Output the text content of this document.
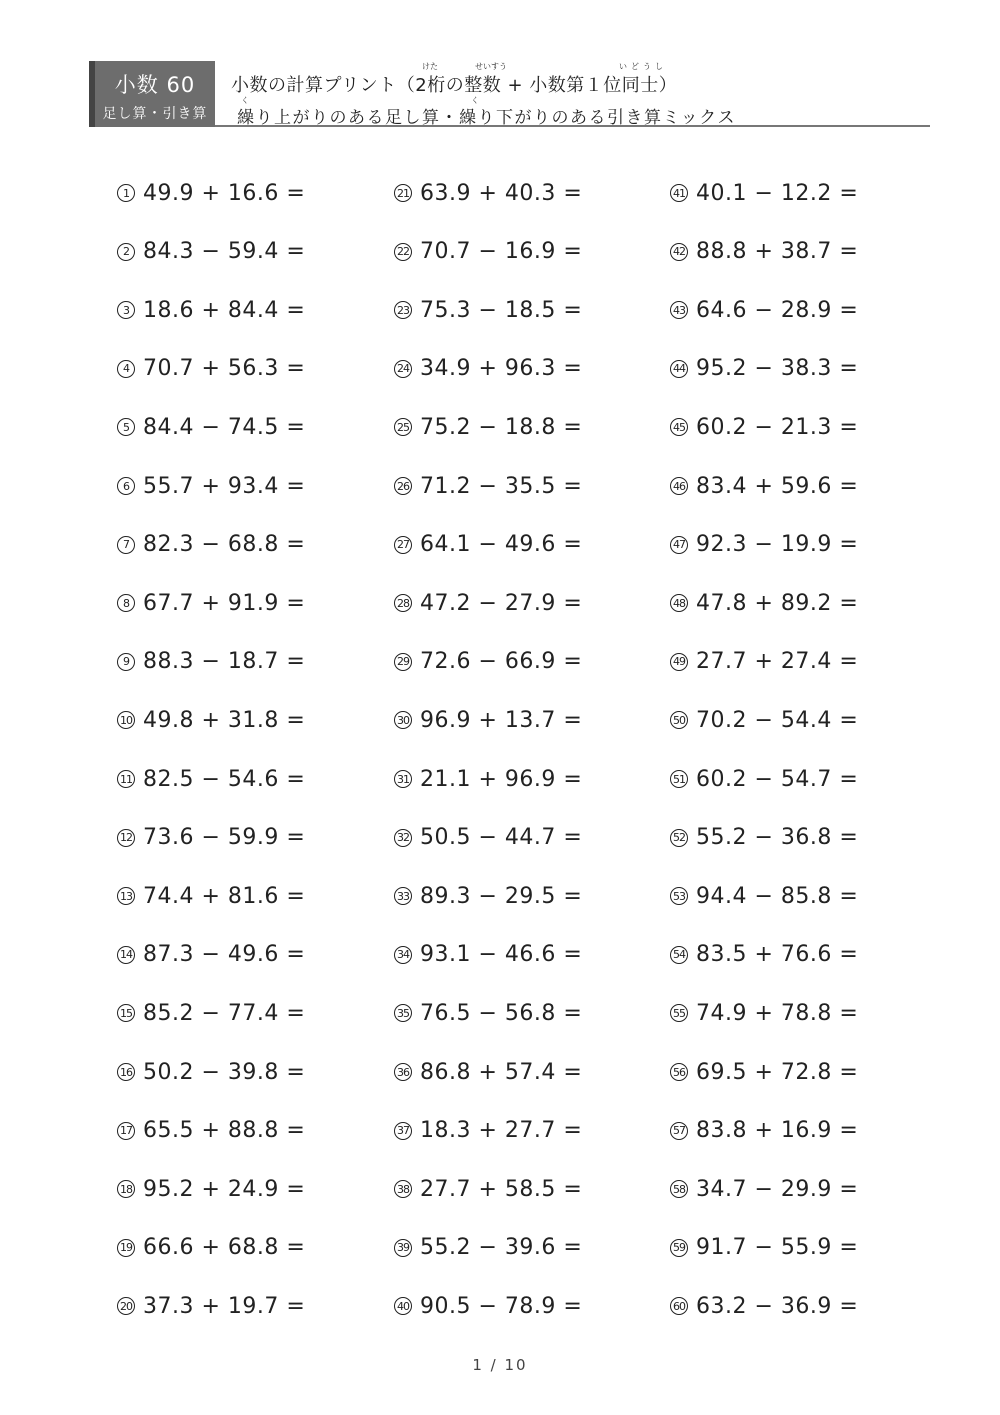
小数 60
足し算・引き算
けた	せいすう	いどうし
小数の計算プリント（2桁の整数 + 小数第１位同士）
く	く
繰り上がりのある足し算・繰り下がりのある引き算ミックス
1 49.9 + 16.6 =
2 84.3 − 59.4 =
3 18.6 + 84.4 =
4 70.7 + 56.3 =
5 84.4 − 74.5 =
6 55.7 + 93.4 =
7 82.3 − 68.8 =
8 67.7 + 91.9 =
9 88.3 − 18.7 =
10 49.8 + 31.8 =
11 82.5 − 54.6 =
12 73.6 − 59.9 =
13 74.4 + 81.6 =
14 87.3 − 49.6 =
15 85.2 − 77.4 =
16 50.2 − 39.8 =
17 65.5 + 88.8 =
18 95.2 + 24.9 =
19 66.6 + 68.8 =
20 37.3 + 19.7 =
21 63.9 + 40.3 =
22 70.7 − 16.9 =
23 75.3 − 18.5 =
24 34.9 + 96.3 =
25 75.2 − 18.8 =
26 71.2 − 35.5 =
27 64.1 − 49.6 =
28 47.2 − 27.9 =
29 72.6 − 66.9 =
30 96.9 + 13.7 =
31 21.1 + 96.9 =
32 50.5 − 44.7 =
33 89.3 − 29.5 =
34 93.1 − 46.6 =
35 76.5 − 56.8 =
36 86.8 + 57.4 =
37 18.3 + 27.7 =
38 27.7 + 58.5 =
39 55.2 − 39.6 =
40 90.5 − 78.9 =
41 40.1 − 12.2 =
42 88.8 + 38.7 =
43 64.6 − 28.9 =
44 95.2 − 38.3 =
45 60.2 − 21.3 =
46 83.4 + 59.6 =
47 92.3 − 19.9 =
48 47.8 + 89.2 =
49 27.7 + 27.4 =
50 70.2 − 54.4 =
51 60.2 − 54.7 =
52 55.2 − 36.8 =
53 94.4 − 85.8 =
54 83.5 + 76.6 =
55 74.9 + 78.8 =
56 69.5 + 72.8 =
57 83.8 + 16.9 =
58 34.7 − 29.9 =
59 91.7 − 55.9 =
60 63.2 − 36.9 =
1 / 10
